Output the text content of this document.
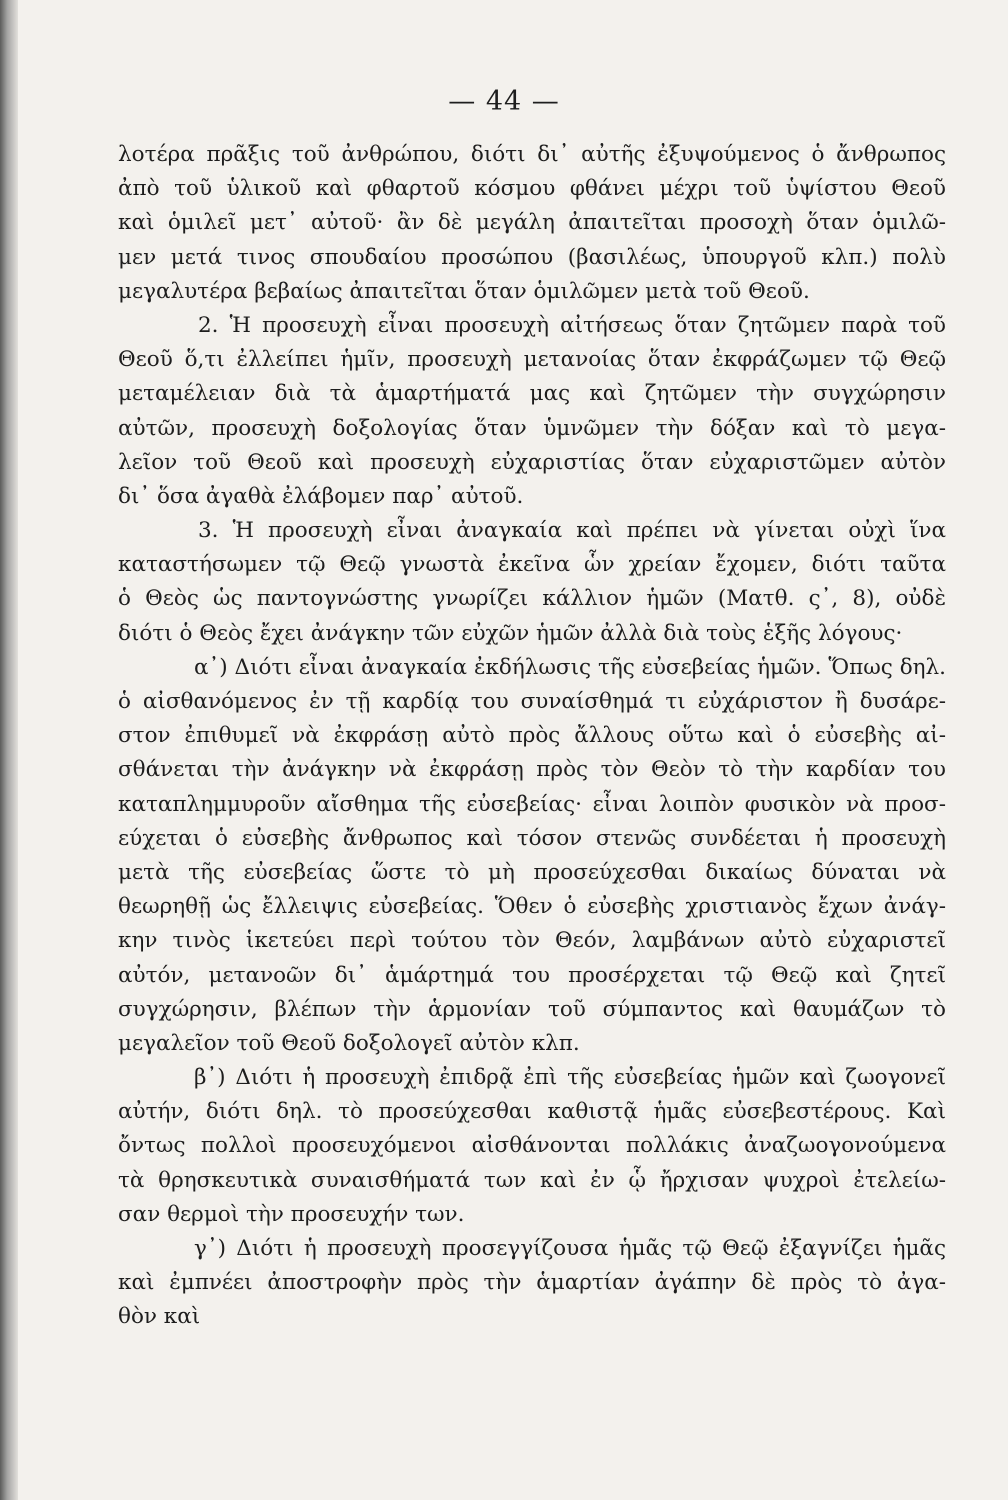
— 44 —
λοτέρα πρᾶξις τοῦ ἀνθρώπου, διότι δι᾿ αὐτῆς ἐξυψούμενος ὁ ἄνθρωπος
ἀπὸ τοῦ ὑλικοῦ καὶ φθαρτοῦ κόσμου φθάνει μέχρι τοῦ ὑψίστου Θεοῦ
καὶ ὁμιλεῖ μετ᾿ αὐτοῦ· ἂν δὲ μεγάλη ἀπαιτεῖται προσοχὴ ὅταν ὁμιλῶ-
μεν μετά τινος σπουδαίου προσώπου (βασιλέως, ὑπουργοῦ κλπ.) πολὺ
μεγαλυτέρα βεβαίως ἀπαιτεῖται ὅταν ὁμιλῶμεν μετὰ τοῦ Θεοῦ.
2. Ἡ προσευχὴ εἶναι προσευχὴ αἰτήσεως ὅταν ζητῶμεν παρὰ τοῦ
Θεοῦ ὅ,τι ἐλλείπει ἡμῖν, προσευχὴ μετανοίας ὅταν ἐκφράζωμεν τῷ Θεῷ
μεταμέλειαν διὰ τὰ ἁμαρτήματά μας καὶ ζητῶμεν τὴν συγχώρησιν
αὐτῶν, προσευχὴ δοξολογίας ὅταν ὑμνῶμεν τὴν δόξαν καὶ τὸ μεγα-
λεῖον τοῦ Θεοῦ καὶ προσευχὴ εὐχαριστίας ὅταν εὐχαριστῶμεν αὐτὸν
δι᾿ ὅσα ἀγαθὰ ἐλάβομεν παρ᾿ αὐτοῦ.
3. Ἡ προσευχὴ εἶναι ἀναγκαία καὶ πρέπει νὰ γίνεται οὐχὶ ἵνα
καταστήσωμεν τῷ Θεῷ γνωστὰ ἐκεῖνα ὧν χρείαν ἔχομεν, διότι ταῦτα
ὁ Θεὸς ὡς παντογνώστης γνωρίζει κάλλιον ἡμῶν (Ματθ. ς᾿, 8), οὐδὲ
διότι ὁ Θεὸς ἔχει ἀνάγκην τῶν εὐχῶν ἡμῶν ἀλλὰ διὰ τοὺς ἑξῆς λόγους·
α᾿) Διότι εἶναι ἀναγκαία ἐκδήλωσις τῆς εὐσεβείας ἡμῶν. Ὅπως δηλ.
ὁ αἰσθανόμενος ἐν τῇ καρδίᾳ του συναίσθημά τι εὐχάριστον ἢ δυσάρε-
στον ἐπιθυμεῖ νὰ ἐκφράσῃ αὐτὸ πρὸς ἄλλους οὕτω καὶ ὁ εὐσεβὴς αἰ-
σθάνεται τὴν ἀνάγκην νὰ ἐκφράσῃ πρὸς τὸν Θεὸν τὸ τὴν καρδίαν του
καταπλημμυροῦν αἴσθημα τῆς εὐσεβείας· εἶναι λοιπὸν φυσικὸν νὰ προσ-
εύχεται ὁ εὐσεβὴς ἄνθρωπος καὶ τόσον στενῶς συνδέεται ἡ προσευχὴ
μετὰ τῆς εὐσεβείας ὥστε τὸ μὴ προσεύχεσθαι δικαίως δύναται νὰ
θεωρηθῇ ὡς ἔλλειψις εὐσεβείας. Ὅθεν ὁ εὐσεβὴς χριστιανὸς ἔχων ἀνάγ-
κην τινὸς ἱκετεύει περὶ τούτου τὸν Θεόν, λαμβάνων αὐτὸ εὐχαριστεῖ
αὐτόν, μετανοῶν δι᾿ ἁμάρτημά του προσέρχεται τῷ Θεῷ καὶ ζητεῖ
συγχώρησιν, βλέπων τὴν ἁρμονίαν τοῦ σύμπαντος καὶ θαυμάζων τὸ
μεγαλεῖον τοῦ Θεοῦ δοξολογεῖ αὐτὸν κλπ.
β᾿) Διότι ἡ προσευχὴ ἐπιδρᾷ ἐπὶ τῆς εὐσεβείας ἡμῶν καὶ ζωογονεῖ
αὐτήν, διότι δηλ. τὸ προσεύχεσθαι καθιστᾷ ἡμᾶς εὐσεβεστέρους. Καὶ
ὄντως πολλοὶ προσευχόμενοι αἰσθάνονται πολλάκις ἀναζωογονούμενα
τὰ θρησκευτικὰ συναισθήματά των καὶ ἐν ᾧ ἤρχισαν ψυχροὶ ἐτελείω-
σαν θερμοὶ τὴν προσευχήν των.
γ᾿) Διότι ἡ προσευχὴ προσεγγίζουσα ἡμᾶς τῷ Θεῷ ἐξαγνίζει ἡμᾶς
καὶ ἐμπνέει ἀποστροφὴν πρὸς τὴν ἁμαρτίαν ἀγάπην δὲ πρὸς τὸ ἀγα-
θὸν καὶ
